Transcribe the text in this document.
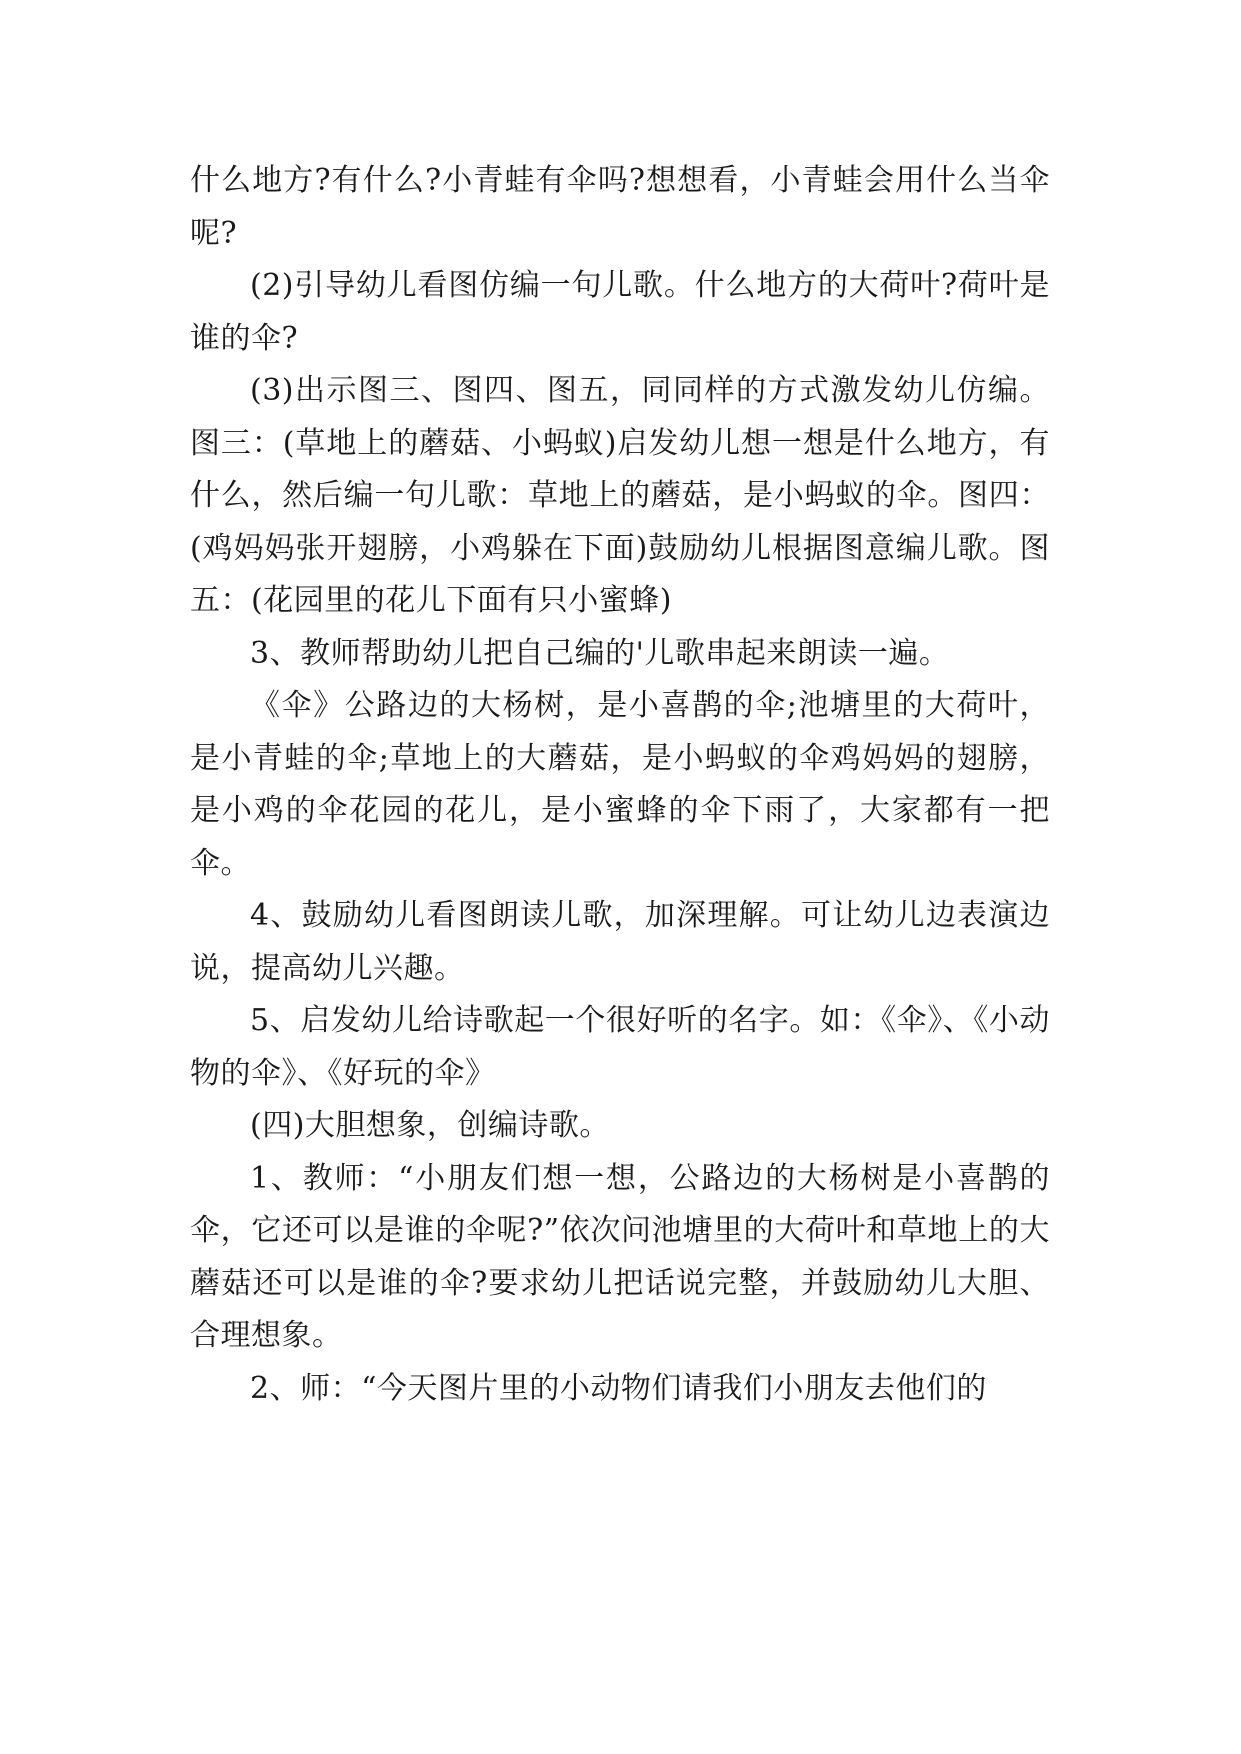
什么地方?有什么?小青蛙有伞吗?想想看，小青蛙会用什么当伞呢?

(2)引导幼儿看图仿编一句儿歌。什么地方的大荷叶?荷叶是谁的伞?

(3)出示图三、图四、图五，同同样的方式激发幼儿仿编。图三：(草地上的蘑菇、小蚂蚁)启发幼儿想一想是什么地方，有什么，然后编一句儿歌：草地上的蘑菇，是小蚂蚁的伞。图四：(鸡妈妈张开翅膀，小鸡躲在下面)鼓励幼儿根据图意编儿歌。图五：(花园里的花儿下面有只小蜜蜂)

3、教师帮助幼儿把自己编的'儿歌串起来朗读一遍。

《伞》公路边的大杨树，是小喜鹊的伞;池塘里的大荷叶，是小青蛙的伞;草地上的大蘑菇，是小蚂蚁的伞鸡妈妈的翅膀，是小鸡的伞花园的花儿，是小蜜蜂的伞下雨了，大家都有一把伞。

4、鼓励幼儿看图朗读儿歌，加深理解。可让幼儿边表演边说，提高幼儿兴趣。

5、启发幼儿给诗歌起一个很好听的名字。如：《伞》、《小动物的伞》、《好玩的伞》

(四)大胆想象，创编诗歌。

1、教师：“小朋友们想一想，公路边的大杨树是小喜鹊的伞，它还可以是谁的伞呢?”依次问池塘里的大荷叶和草地上的大蘑菇还可以是谁的伞?要求幼儿把话说完整，并鼓励幼儿大胆、合理想象。

2、师：“今天图片里的小动物们请我们小朋友去他们的
